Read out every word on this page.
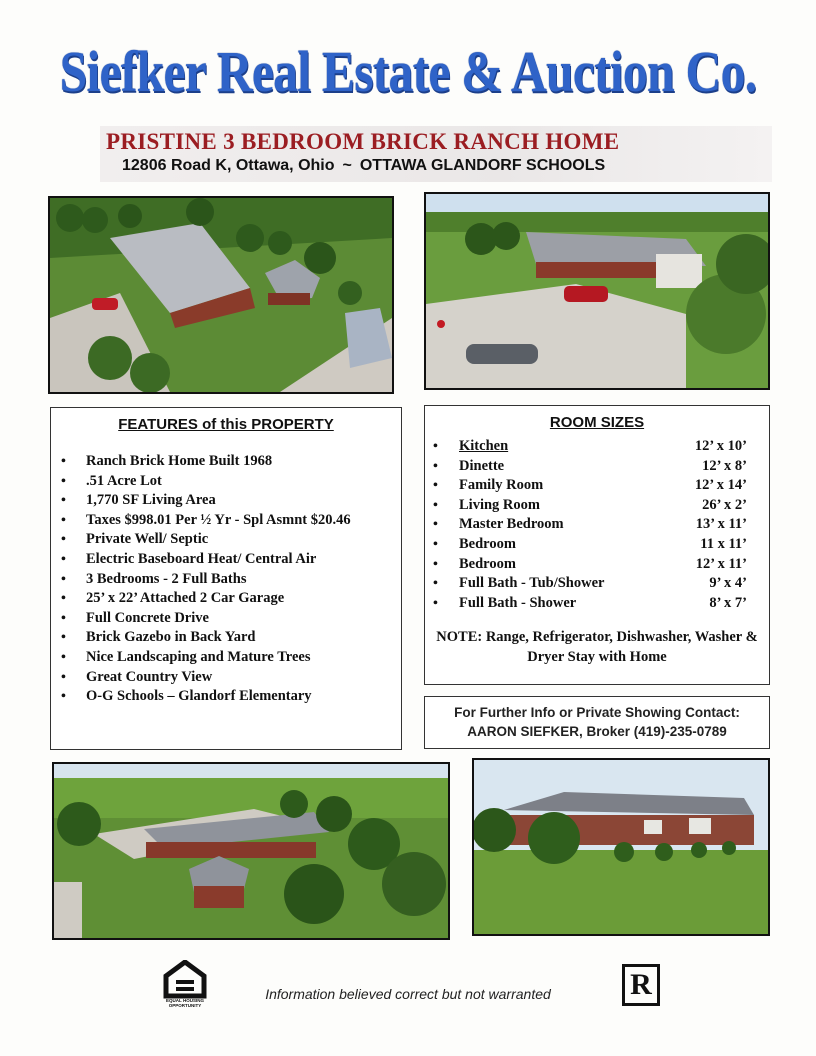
Siefker Real Estate & Auction Co.
PRISTINE 3 BEDROOM BRICK RANCH HOME
12806 Road K, Ottawa, Ohio ~ OTTAWA GLANDORF SCHOOLS
FEATURES of this PROPERTY
• Ranch Brick Home Built 1968
• .51 Acre Lot
• 1,770 SF Living Area
• Taxes $998.01 Per ½ Yr - Spl Asmnt $20.46
• Private Well/ Septic
• Electric Baseboard Heat/ Central Air
• 3 Bedrooms - 2 Full Baths
• 25’ x 22’ Attached 2 Car Garage
• Full Concrete Drive
• Brick Gazebo in Back Yard
• Nice Landscaping and Mature Trees
• Great Country View
• O-G Schools – Glandorf Elementary
ROOM SIZES
• Kitchen	12’ x 10’
• Dinette	12’ x 8’
• Family Room	12’ x 14’
• Living Room	26’ x 2’
• Master Bedroom	13’ x 11’
• Bedroom	11 x 11’
• Bedroom	12’ x 11’
• Full Bath - Tub/Shower	9’ x 4’
• Full Bath - Shower	8’ x 7’
NOTE: Range, Refrigerator, Dishwasher, Washer & Dryer Stay with Home
For Further Info or Private Showing Contact:
AARON SIEFKER, Broker (419)-235-0789
EQUAL HOUSING OPPORTUNITY
Information believed correct but not warranted	R
